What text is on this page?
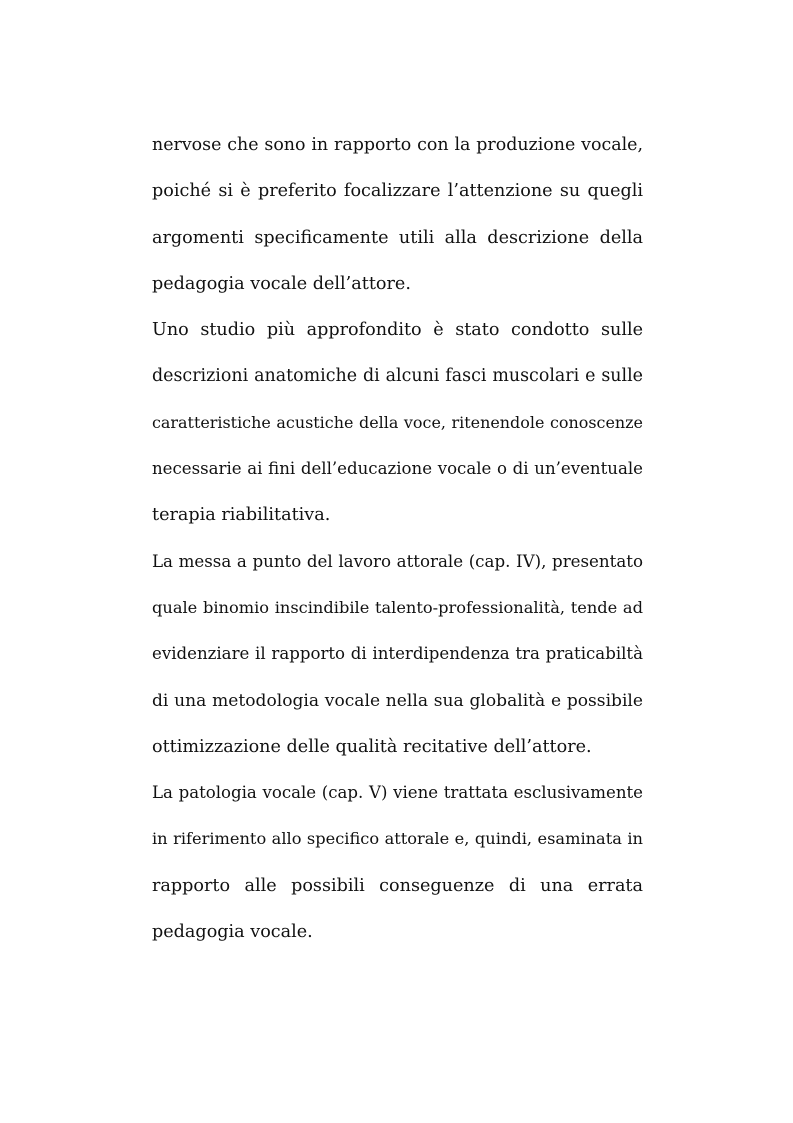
nervose che sono in rapporto con la produzione vocale,
poiché si è preferito focalizzare l’attenzione su quegli
argomenti specificamente utili alla descrizione della
pedagogia vocale dell’attore.
Uno studio più approfondito è stato condotto sulle
descrizioni anatomiche di alcuni fasci muscolari e sulle
caratteristiche acustiche della voce, ritenendole conoscenze
necessarie ai fini dell’educazione vocale o di un’eventuale
terapia riabilitativa.
La messa a punto del lavoro attorale (cap. IV), presentato
quale binomio inscindibile talento-professionalità, tende ad
evidenziare il rapporto di interdipendenza tra praticabiltà
di una metodologia vocale nella sua globalità e possibile
ottimizzazione delle qualità recitative dell’attore.
La patologia vocale (cap. V) viene trattata esclusivamente
in riferimento allo specifico attorale e, quindi, esaminata in
rapporto alle possibili conseguenze di una errata
pedagogia vocale.
